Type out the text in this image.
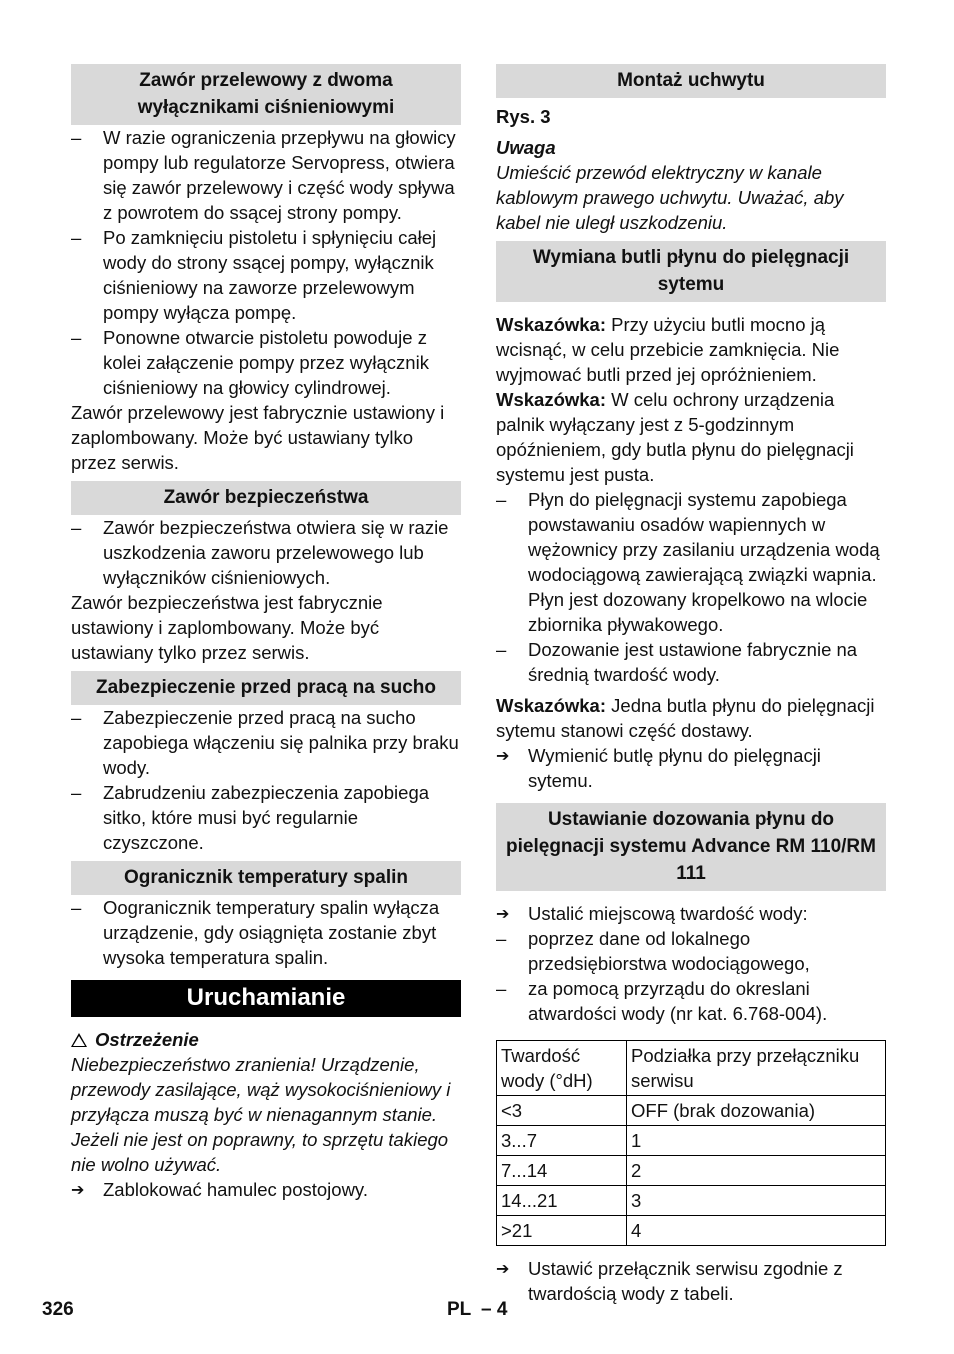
Zawór przelewowy z dwoma wyłącznikami ciśnieniowymi
– W razie ograniczenia przepływu na głowicy pompy lub regulatorze Servopress, otwiera się zawór przelewowy i część wody spływa z powrotem do ssącej strony pompy.
– Po zamknięciu pistoletu i spłynięciu całej wody do strony ssącej pompy, wyłącznik ciśnieniowy na zaworze przelewowym pompy wyłącza pompę.
– Ponowne otwarcie pistoletu powoduje z kolei załączenie pompy przez wyłącznik ciśnieniowy na głowicy cylindrowej.

Zawór przelewowy jest fabrycznie ustawiony i zaplombowany. Może być ustawiany tylko przez serwis.

Zawór bezpieczeństwa
– Zawór bezpieczeństwa otwiera się w razie uszkodzenia zaworu przelewowego lub wyłączników ciśnieniowych.

Zawór bezpieczeństwa jest fabrycznie ustawiony i zaplombowany. Może być ustawiany tylko przez serwis.

Zabezpieczenie przed pracą na sucho
– Zabezpieczenie przed pracą na sucho zapobiega włączeniu się palnika przy braku wody.
– Zabrudzeniu zabezpieczenia zapobiega sitko, które musi być regularnie czyszczone.
Ogranicznik temperatury spalin
– Oogranicznik temperatury spalin wyłącza urządzenie, gdy osiągnięta zostanie zbyt wysoka temperatura spalin.
Uruchamianie

Ostrzeżenie

Niebezpieczeństwo zranienia! Urządzenie, przewody zasilające, wąż wysokociśnieniowy i przyłącza muszą być w nienagannym stanie. Jeżeli nie jest on poprawny, to sprzętu takiego nie wolno używać.

➔ Zablokować hamulec postojowy.

Montaż uchwytu

Rys. 3

Uwaga

Umieścić przewód elektryczny w kanale kablowym prawego uchwytu. Uważać, aby kabel nie uległ uszkodzeniu.

Wymiana butli płynu do pielęgnacji sytemu

Wskazówka: Przy użyciu butli mocno ją wcisnąć, w celu przebicie zamknięcia. Nie wyjmować butli przed jej opróżnieniem.

Wskazówka: W celu ochrony urządzenia palnik wyłączany jest z 5-godzinnym opóźnieniem, gdy butla płynu do pielęgnacji systemu jest pusta.

– Płyn do pielęgnacji systemu zapobiega powstawaniu osadów wapiennych w wężownicy przy zasilaniu urządzenia wodą wodociągową zawierającą związki wapnia. Płyn jest dozowany kropelkowo na wlocie zbiornika pływakowego.
– Dozowanie jest ustawione fabrycznie na średnią twardość wody.

Wskazówka: Jedna butla płynu do pielęgnacji sytemu stanowi część dostawy.

➔ Wymienić butlę płynu do pielęgnacji sytemu.

Ustawianie dozowania płynu do pielęgnacji systemu Advance RM 110/RM 111

➔ Ustalić miejscową twardość wody:

– poprzez dane od lokalnego przedsiębiorstwa wodociągowego,
– za pomocą przyrządu do okreslani atwardości wody (nr kat. 6.768-004).
Twardość wody (°dH)	Podziałka przy przełączniku serwisu
<3	OFF (brak dozowania)
3...7	1
7...14	2
14...21	3
>21	4

➔ Ustawić przełącznik serwisu zgodnie z twardością wody z tabeli.

326	PL – 4
